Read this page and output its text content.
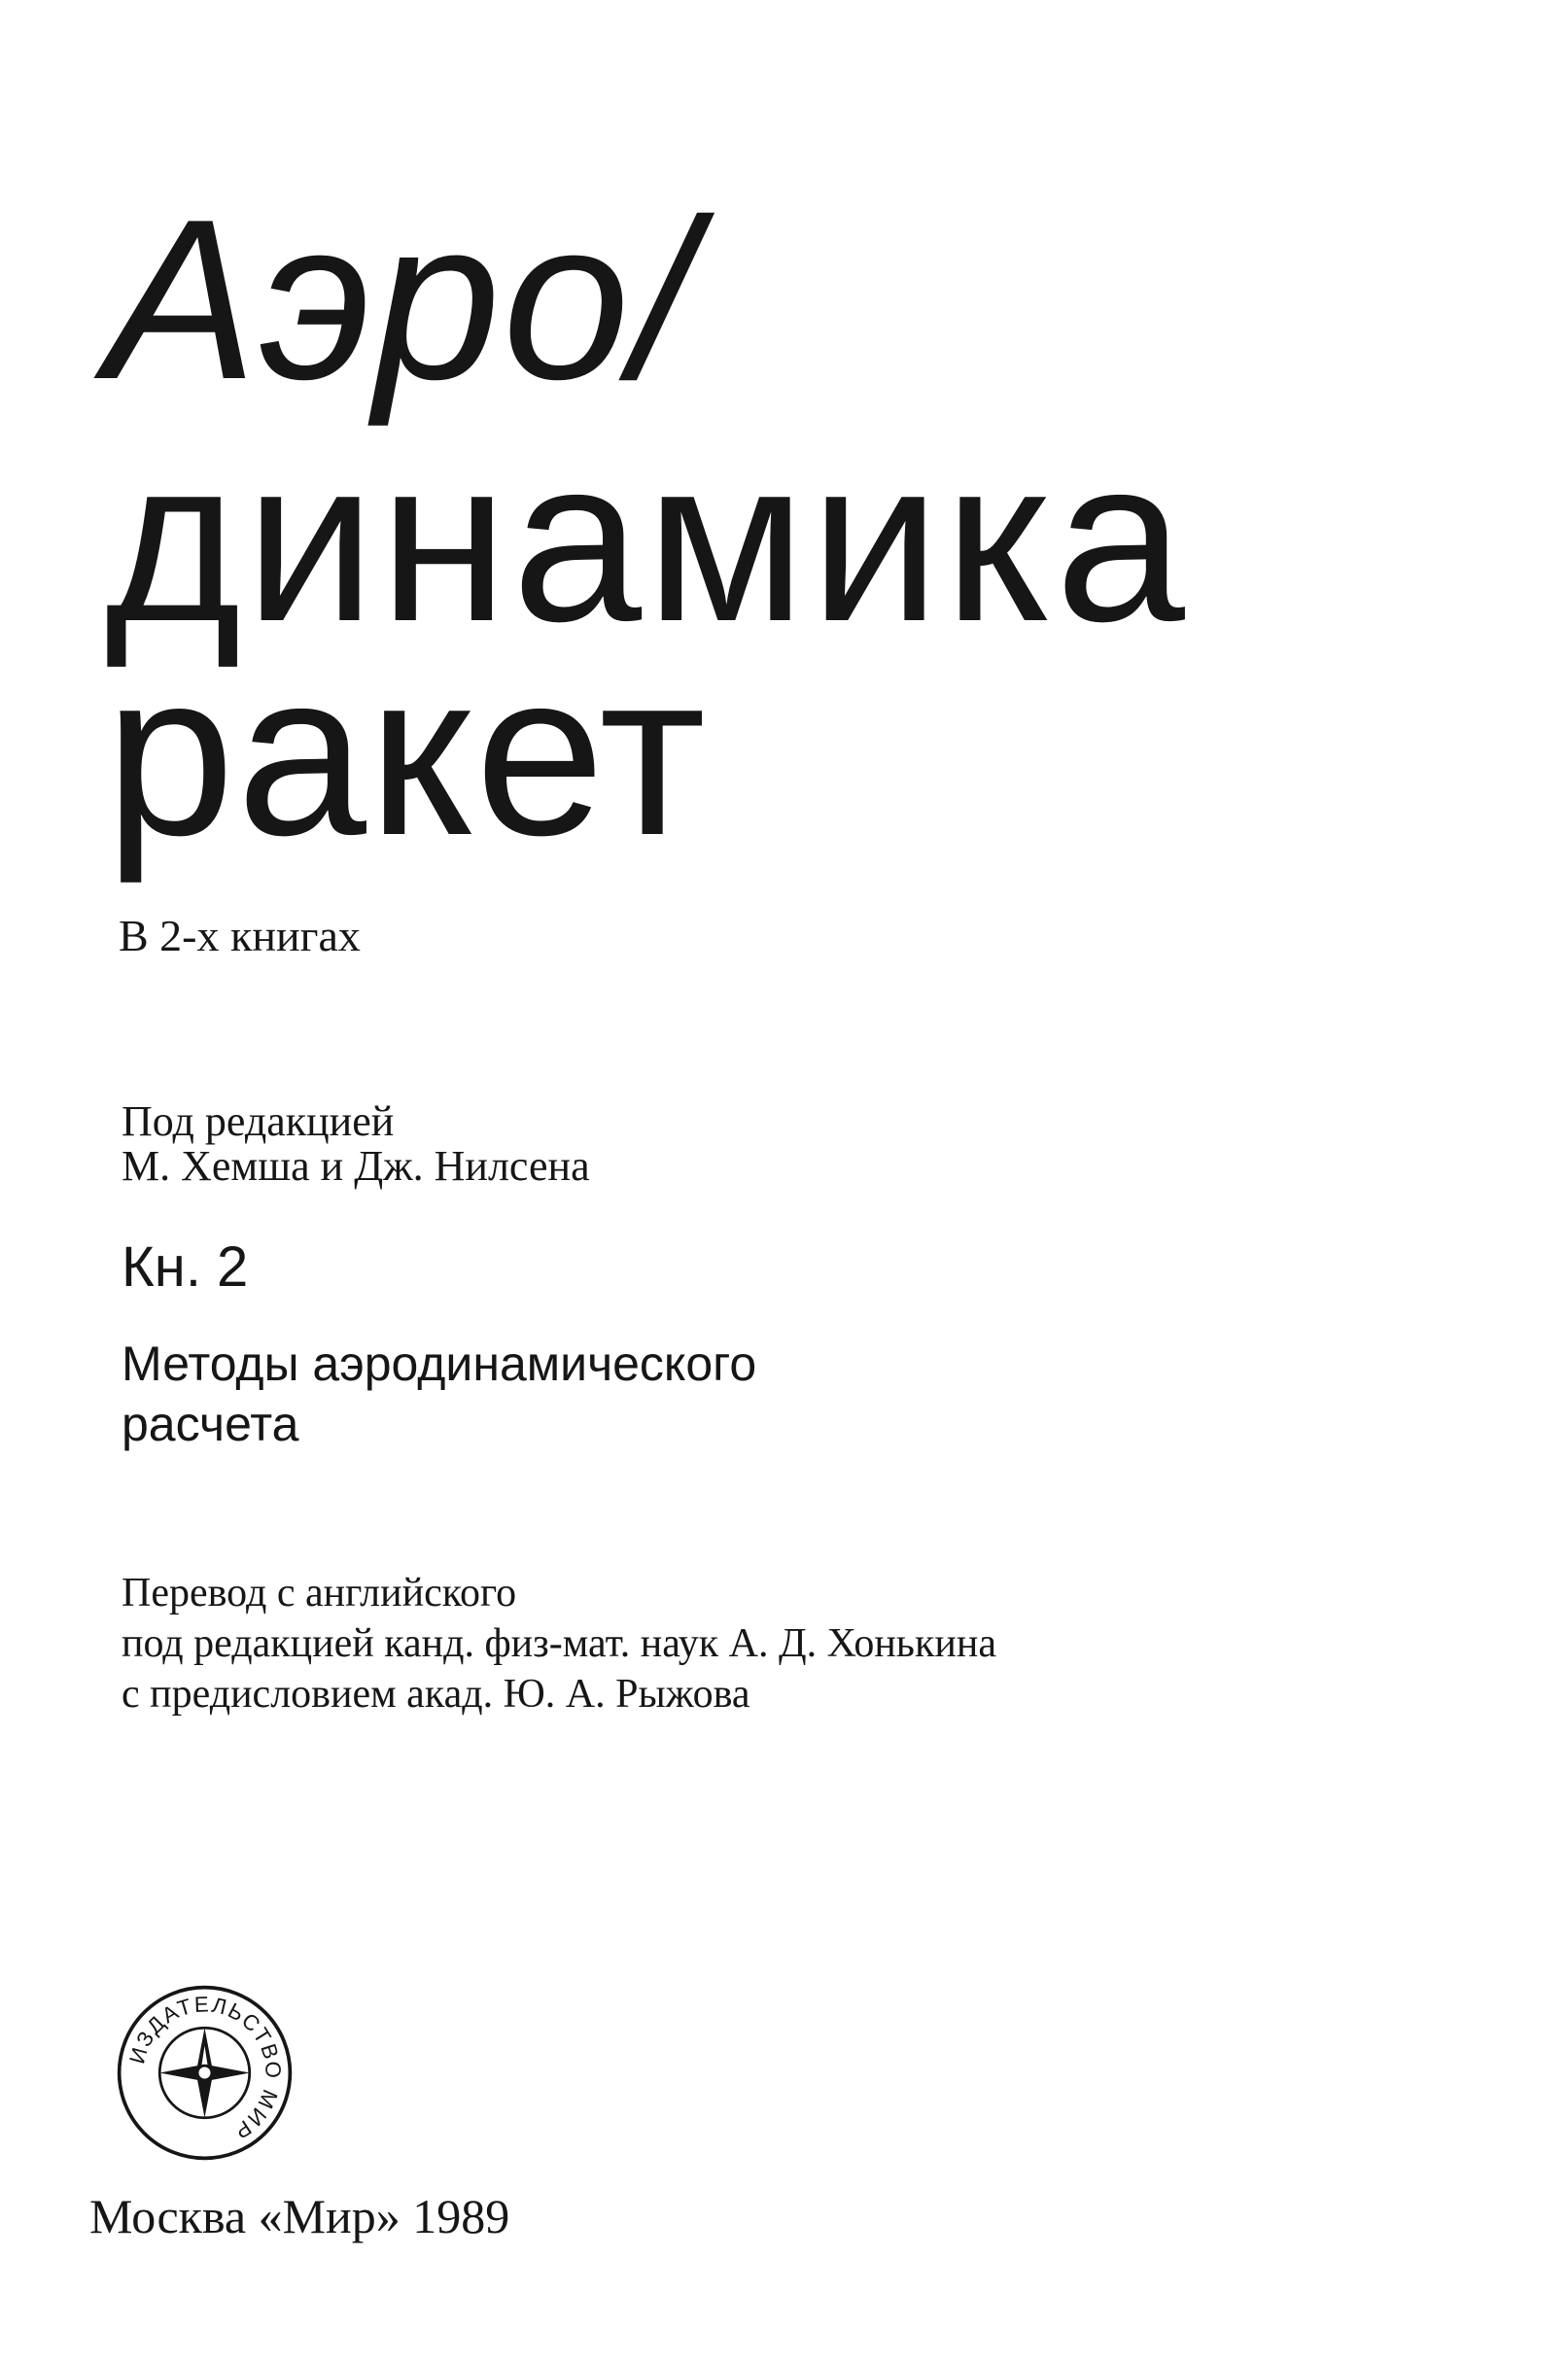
Аэро/
динамика
ракет
В 2-х книгах
Под редакцией
М. Хемша и Дж. Нилсена
Кн. 2
Методы аэродинамического
расчета
Перевод с английского
под редакцией канд. физ-мат. наук А. Д. Хонькина
с предисловием акад. Ю. А. Рыжова
ИЗДАТЕЛЬСТВО МИР
Москва «Мир» 1989
